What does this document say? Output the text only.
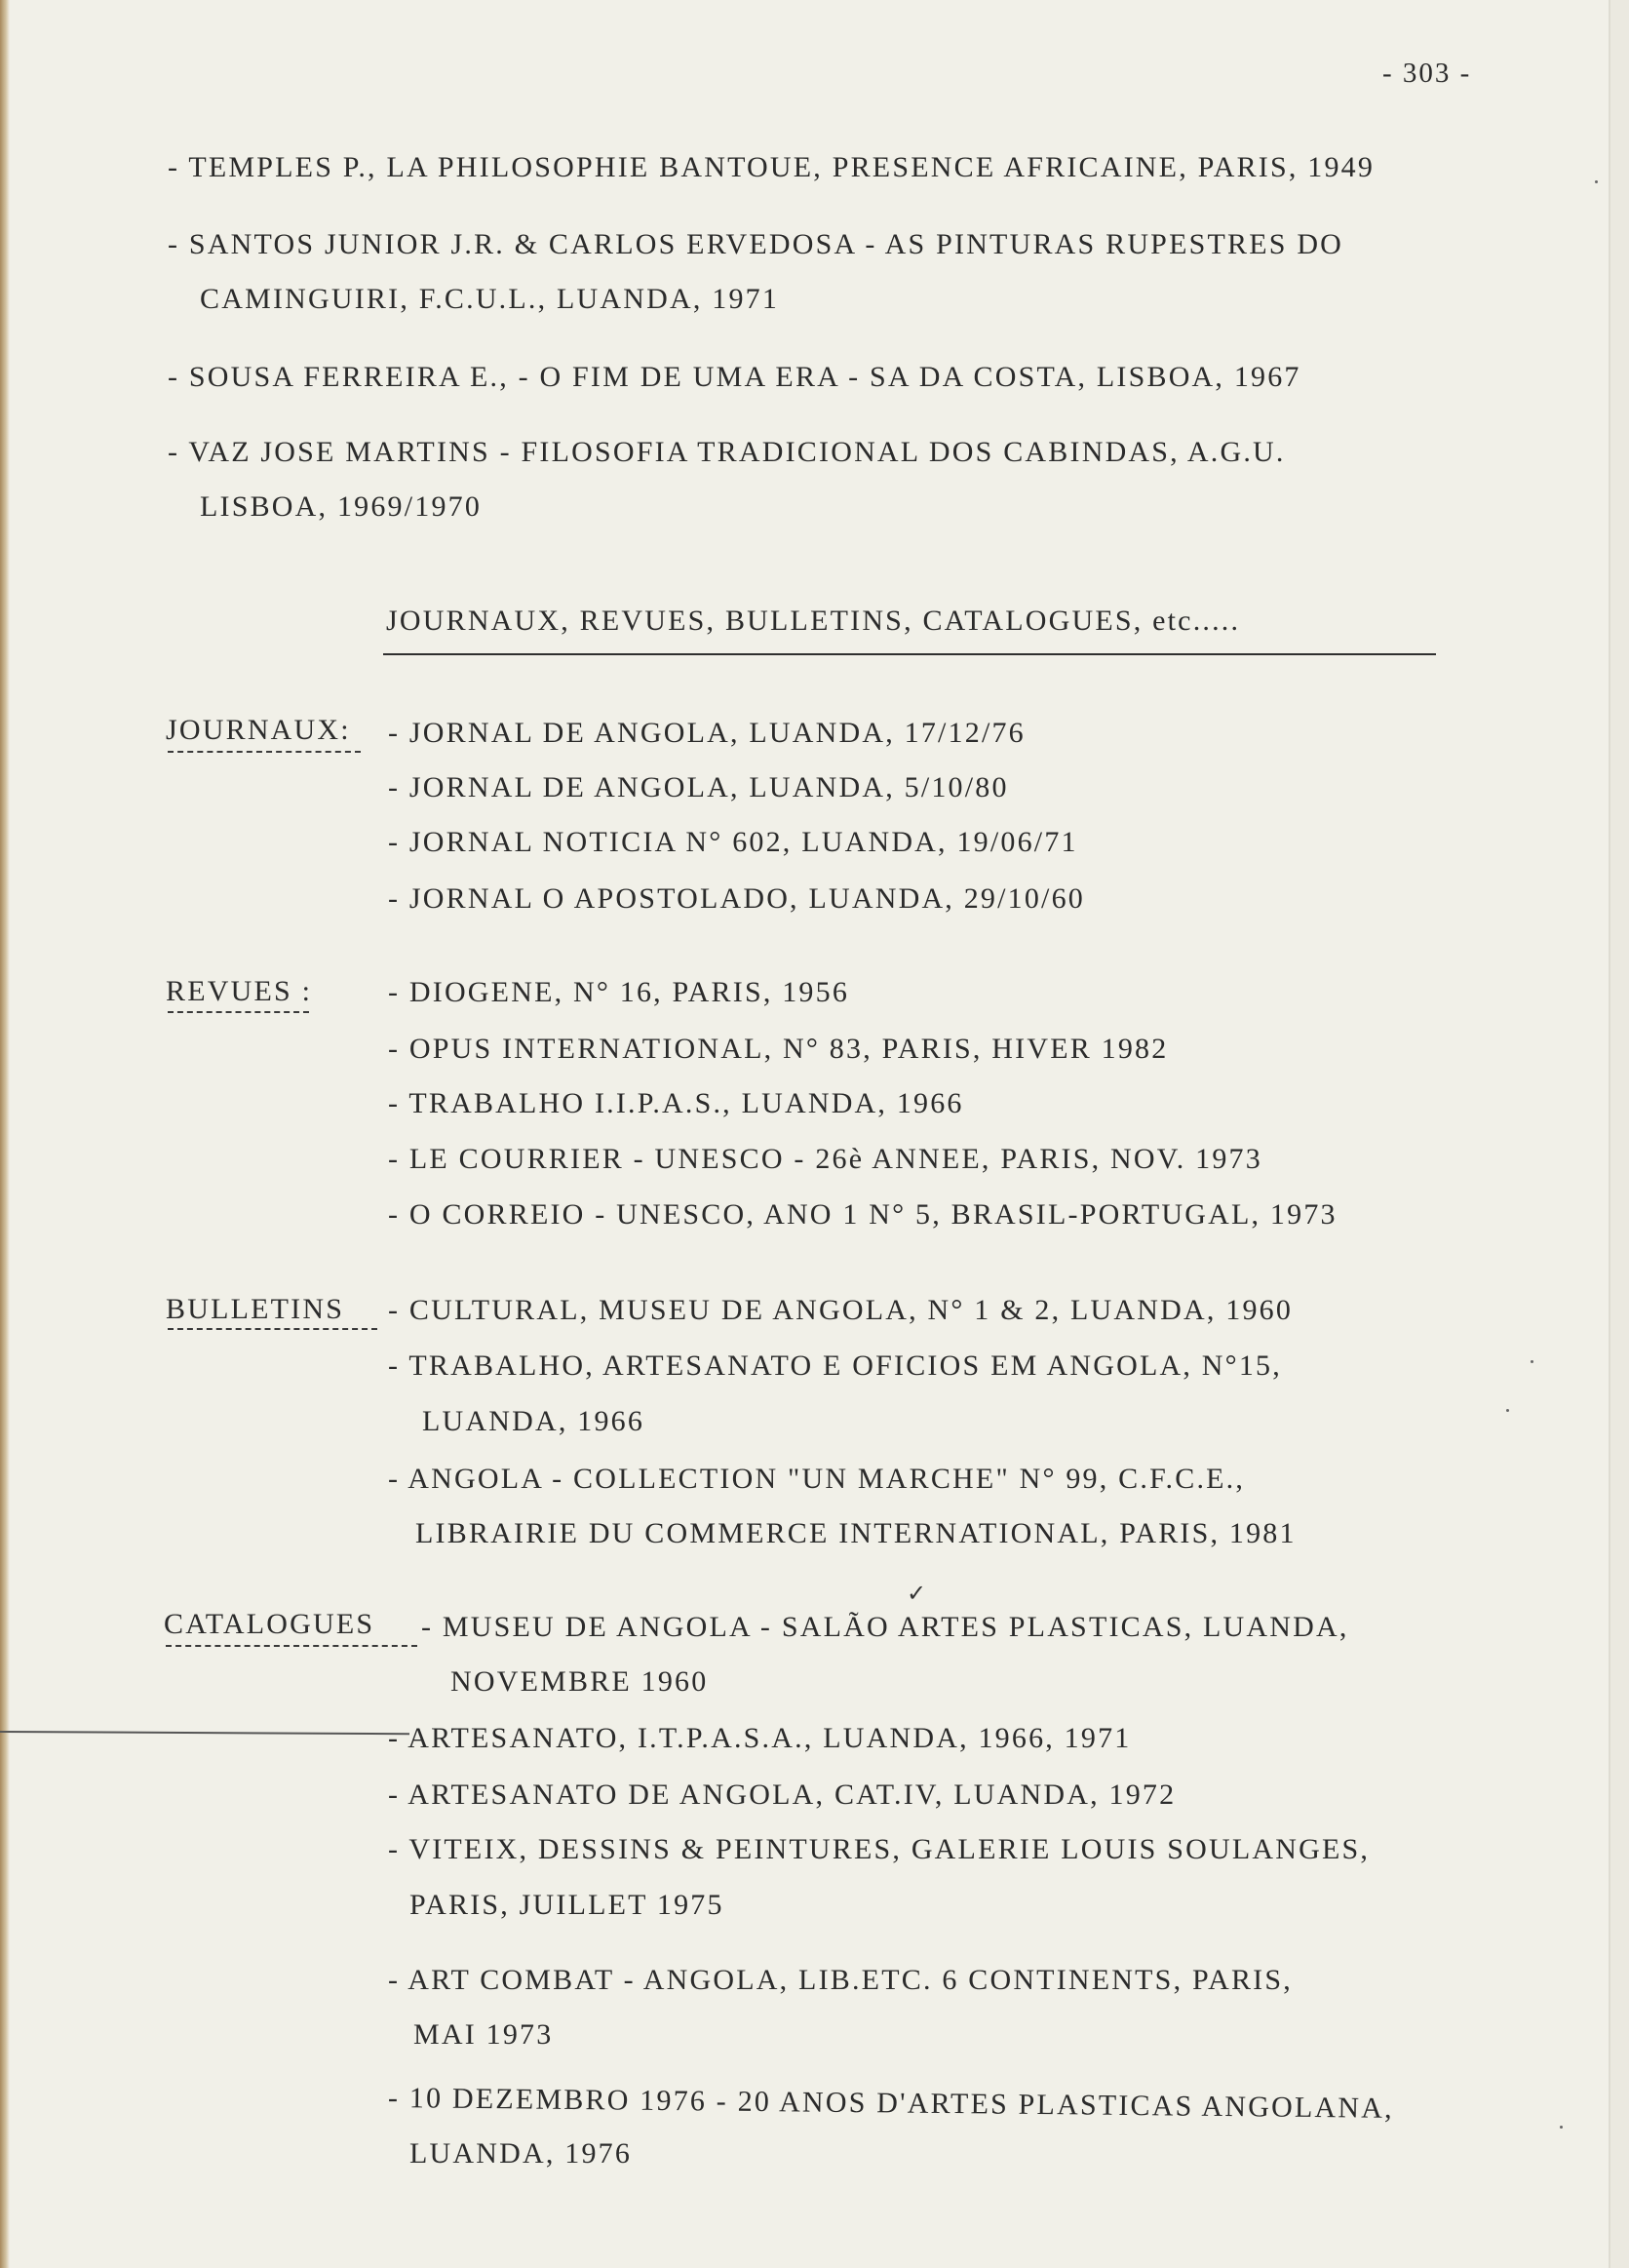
- 303 -
- TEMPLES P., LA PHILOSOPHIE BANTOUE, PRESENCE AFRICAINE, PARIS, 1949
- SANTOS JUNIOR J.R. & CARLOS ERVEDOSA - AS PINTURAS RUPESTRES DO
CAMINGUIRI, F.C.U.L., LUANDA, 1971
- SOUSA FERREIRA E., - O FIM DE UMA ERA - SA DA COSTA, LISBOA, 1967
- VAZ JOSE MARTINS - FILOSOFIA TRADICIONAL DOS CABINDAS, A.G.U.
LISBOA, 1969/1970
JOURNAUX, REVUES, BULLETINS, CATALOGUES, etc.....
JOURNAUX: - JORNAL DE ANGOLA, LUANDA, 17/12/76
- JORNAL DE ANGOLA, LUANDA, 5/10/80
- JORNAL NOTICIA N° 602, LUANDA, 19/06/71
- JORNAL O APOSTOLADO, LUANDA, 29/10/60
REVUES :	- DIOGENE, N° 16, PARIS, 1956
- OPUS INTERNATIONAL, N° 83, PARIS, HIVER 1982
- TRABALHO I.I.P.A.S., LUANDA, 1966
- LE COURRIER - UNESCO - 26è ANNEE, PARIS, NOV. 1973
- O CORREIO - UNESCO, ANO 1 N° 5, BRASIL-PORTUGAL, 1973
BULLETINS - CULTURAL, MUSEU DE ANGOLA, N° 1 & 2, LUANDA, 1960
- TRABALHO, ARTESANATO E OFICIOS EM ANGOLA, N°15,
LUANDA, 1966
- ANGOLA - COLLECTION "UN MARCHE" N° 99, C.F.C.E.,
LIBRAIRIE DU COMMERCE INTERNATIONAL, PARIS, 1981
CATALOGUES
✓
- MUSEU DE ANGOLA - SALÃO ARTES PLASTICAS, LUANDA,
NOVEMBRE 1960
- ARTESANATO, I.T.P.A.S.A., LUANDA, 1966, 1971
- ARTESANATO DE ANGOLA, CAT.IV, LUANDA, 1972
- VITEIX, DESSINS & PEINTURES, GALERIE LOUIS SOULANGES,
PARIS, JUILLET 1975
- ART COMBAT - ANGOLA, LIB.ETC. 6 CONTINENTS, PARIS,
MAI 1973
- 10 DEZEMBRO 1976 - 20 ANOS D'ARTES PLASTICAS ANGOLANA,
LUANDA, 1976
